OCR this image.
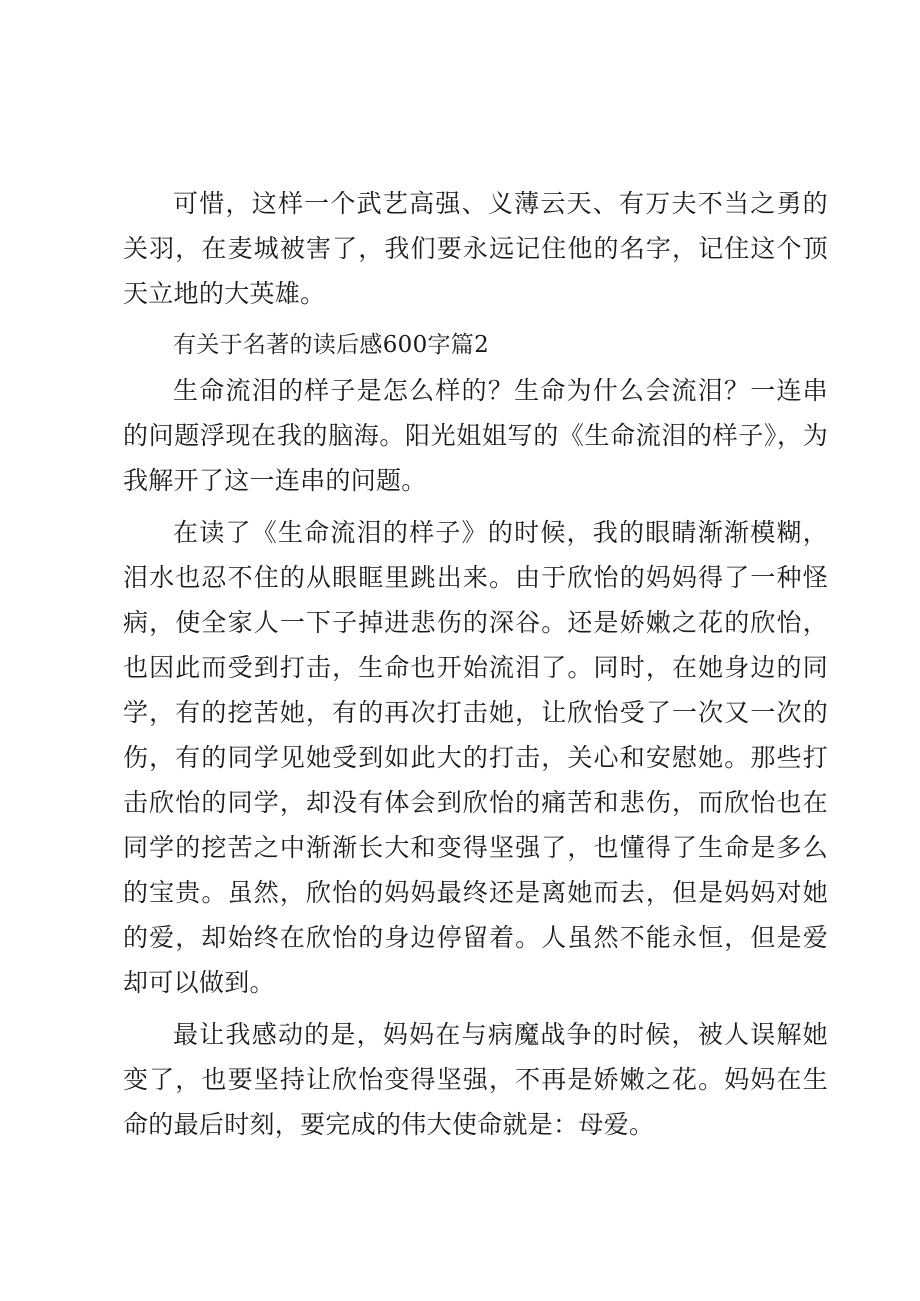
可惜，这样一个武艺高强、义薄云天、有万夫不当之勇的关羽，在麦城被害了，我们要永远记住他的名字，记住这个顶天立地的大英雄。

有关于名著的读后感600字篇2

生命流泪的样子是怎么样的？生命为什么会流泪？一连串的问题浮现在我的脑海。阳光姐姐写的《生命流泪的样子》，为我解开了这一连串的问题。

在读了《生命流泪的样子》的时候，我的眼睛渐渐模糊，泪水也忍不住的从眼眶里跳出来。由于欣怡的妈妈得了一种怪病，使全家人一下子掉进悲伤的深谷。还是娇嫩之花的欣怡，也因此而受到打击，生命也开始流泪了。同时，在她身边的同学，有的挖苦她，有的再次打击她，让欣怡受了一次又一次的伤，有的同学见她受到如此大的打击，关心和安慰她。那些打击欣怡的同学，却没有体会到欣怡的痛苦和悲伤，而欣怡也在同学的挖苦之中渐渐长大和变得坚强了，也懂得了生命是多么的宝贵。虽然，欣怡的妈妈最终还是离她而去，但是妈妈对她的爱，却始终在欣怡的身边停留着。人虽然不能永恒，但是爱却可以做到。

最让我感动的是，妈妈在与病魔战争的时候，被人误解她变了，也要坚持让欣怡变得坚强，不再是娇嫩之花。妈妈在生命的最后时刻，要完成的伟大使命就是：母爱。
